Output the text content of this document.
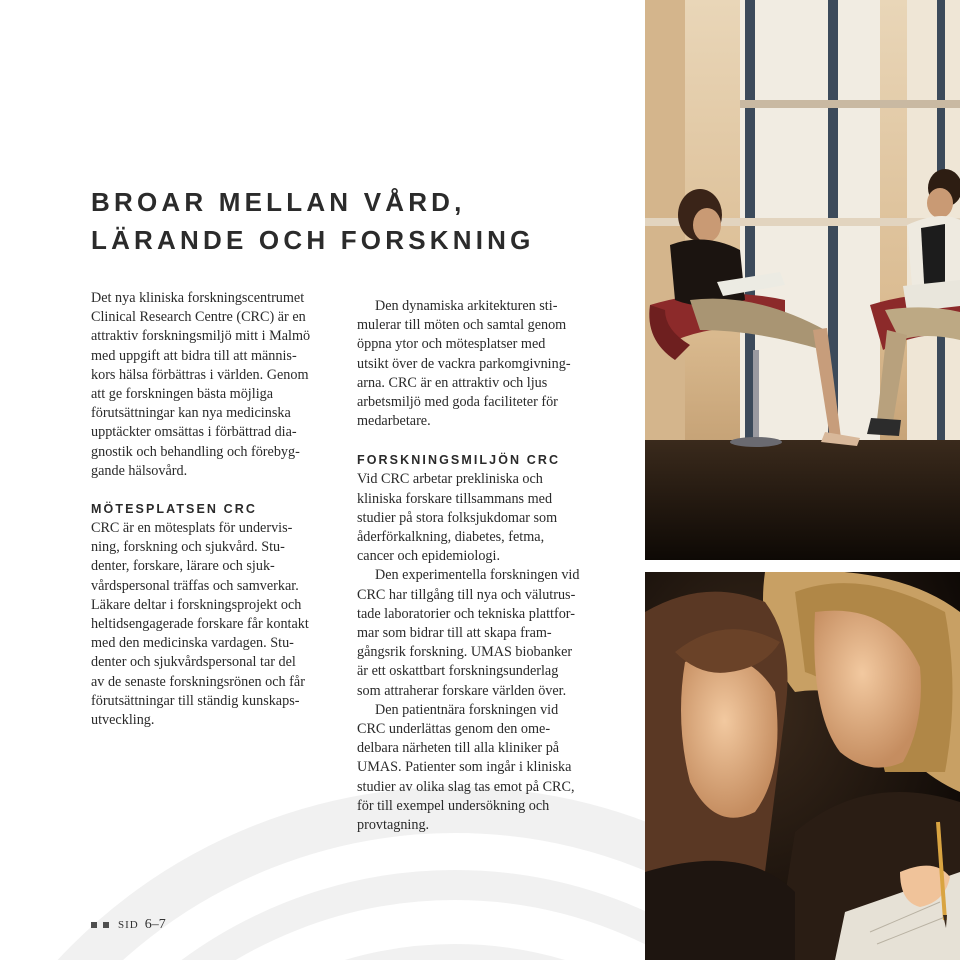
BROAR MELLAN VÅRD,
LÄRANDE OCH FORSKNING

Det nya kliniska forskningscentrumet
Clinical Research Centre (CRC) är en
attraktiv forskningsmiljö mitt i Malmö
med uppgift att bidra till att männis-
kors hälsa förbättras i världen. Genom
att ge forskningen bästa möjliga
förutsättningar kan nya medicinska
upptäckter omsättas i förbättrad dia-
gnostik och behandling och förebyg-
gande hälsovård.

MÖTESPLATSEN CRC

CRC är en mötesplats för undervis-
ning, forskning och sjukvård. Stu-
denter, forskare, lärare och sjuk-
vårdspersonal träffas och samverkar.
Läkare deltar i forskningsprojekt och
heltidsengagerade forskare får kontakt
med den medicinska vardagen. Stu-
denter och sjukvårdspersonal tar del
av de senaste forskningsrönen och får
förutsättningar till ständig kunskaps-
utveckling.

Den dynamiska arkitekturen sti-
mulerar till möten och samtal genom
öppna ytor och mötesplatser med
utsikt över de vackra parkomgivning-
arna. CRC är en attraktiv och ljus
arbetsmiljö med goda faciliteter för
medarbetare.

FORSKNINGSMILJÖN CRC

Vid CRC arbetar prekliniska och
kliniska forskare tillsammans med
studier på stora folksjukdomar som
åderförkalkning, diabetes, fetma,
cancer och epidemiologi.

Den experimentella forskningen vid
CRC har tillgång till nya och välutrus-
tade laboratorier och tekniska plattfor-
mar som bidrar till att skapa fram-
gångsrik forskning. UMAS biobanker
är ett oskattbart forskningsunderlag
som attraherar forskare världen över.

Den patientnära forskningen vid
CRC underlättas genom den ome-
delbara närheten till alla kliniker på
UMAS. Patienter som ingår i kliniska
studier av olika slag tas emot på CRC,
för till exempel undersökning och
provtagning.

SID 6–7
